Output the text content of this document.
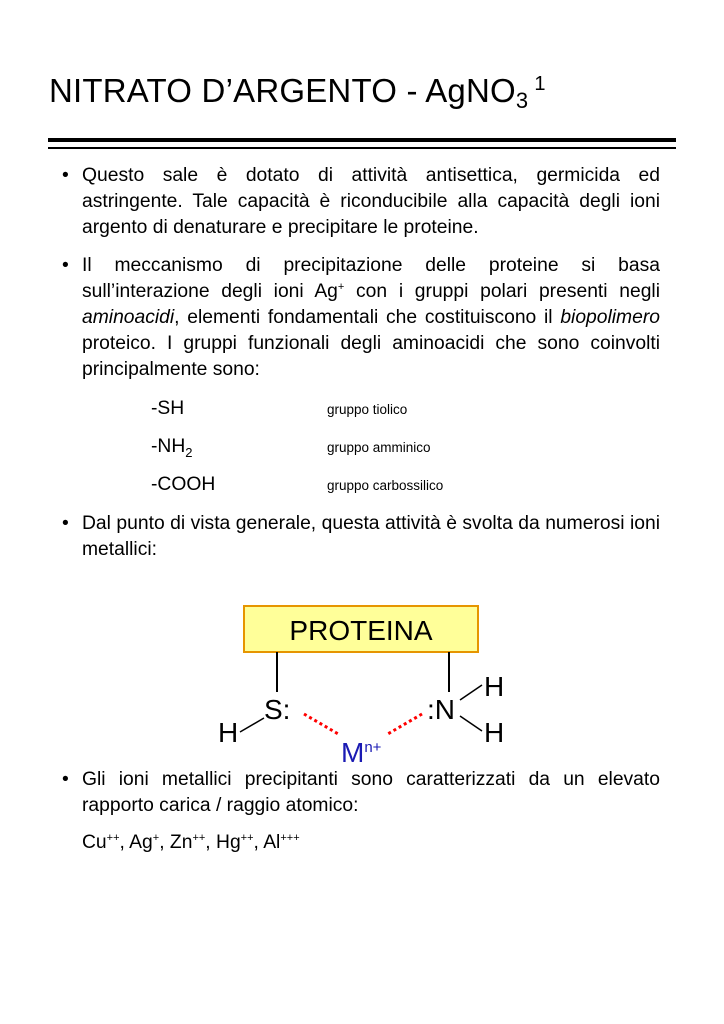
NITRATO D’ARGENTO - AgNO$_3^1$
• Questo sale è dotato di attività antisettica, germicida ed astringente. Tale capacità è riconducibile alla capacità degli ioni argento di denaturare e precipitare le proteine.
• Il meccanismo di precipitazione delle proteine si basa sull’interazione degli ioni Ag+ con i gruppi polari presenti negli aminoacidi, elementi fondamentali che costituiscono il biopolimero proteico. I gruppi funzionali degli aminoacidi che sono coinvolti principalmente sono:
-SH	gruppo tiolico
$-NH_2$	gruppo amminico
-COOH	gruppo carbossilico
• Dal punto di vista generale, questa attività è svolta da numerosi ioni metallici:
PROTEINA
S:	:N
H
H
H
$M^{n+}$
• Gli ioni metallici precipitanti sono caratterizzati da un elevato rapporto carica / raggio atomico:
Cu++, Ag+, Zn++, Hg++, Al+++
